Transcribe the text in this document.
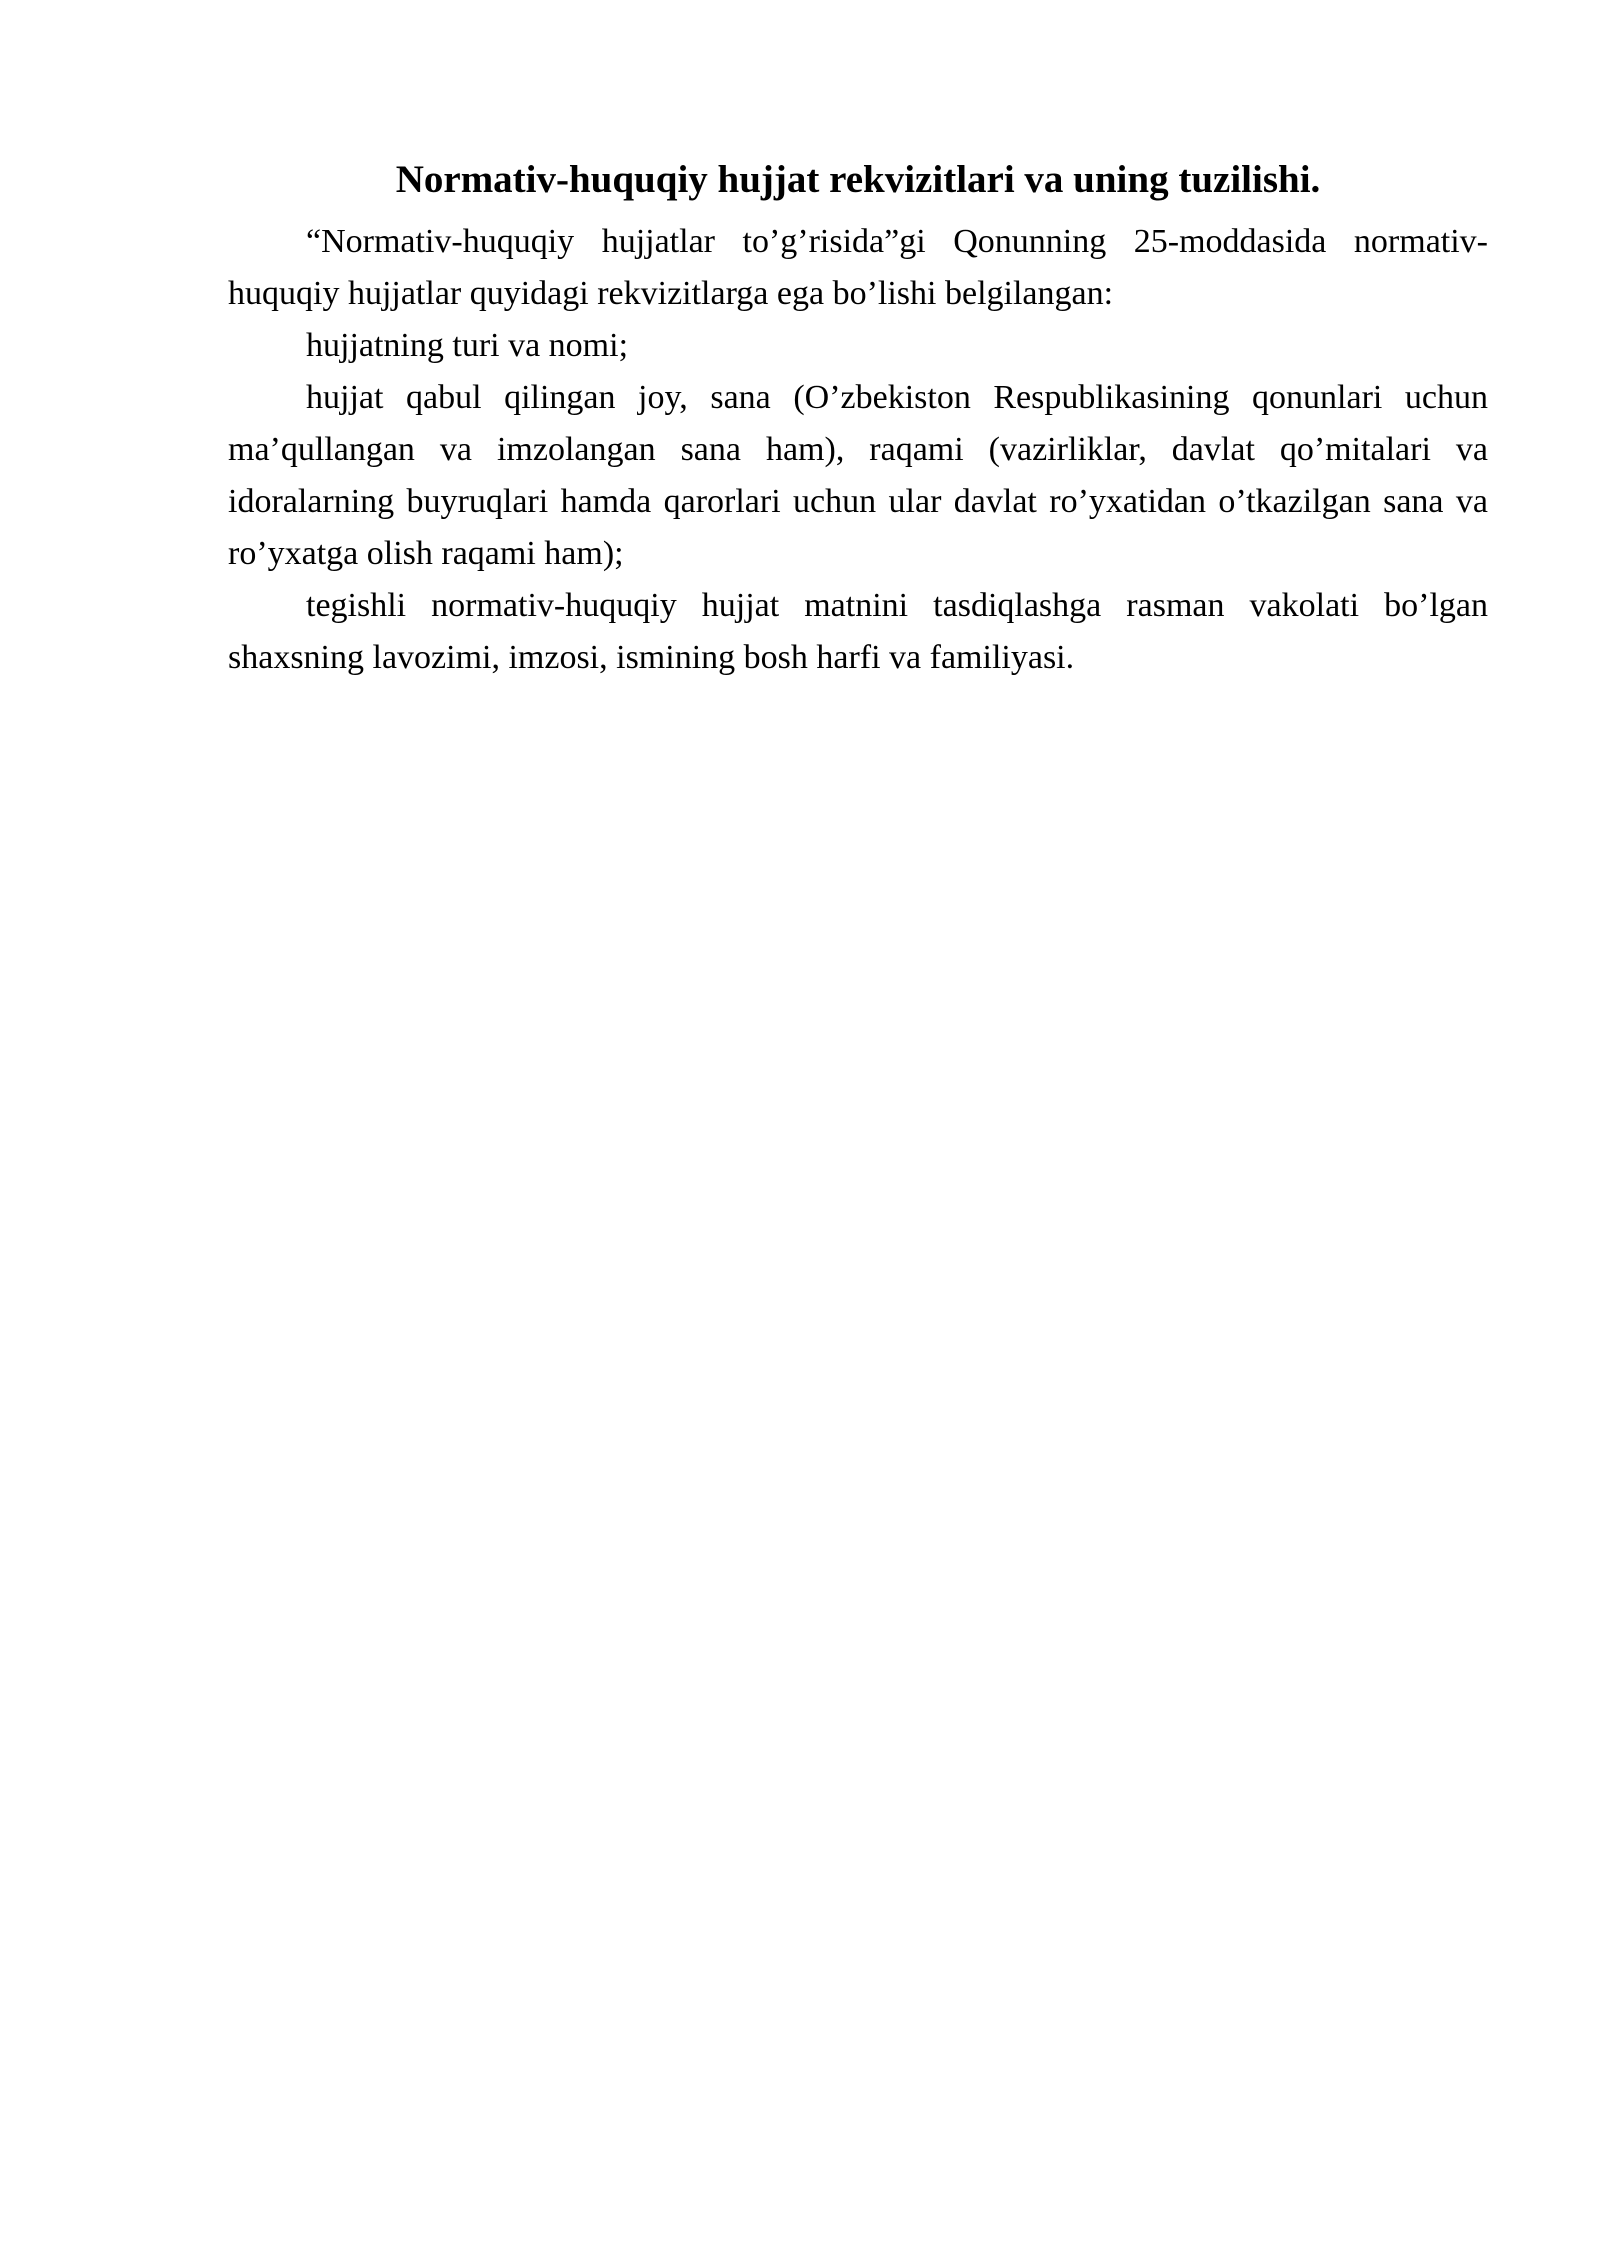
Normativ-huquqiy hujjat rekvizitlari va uning tuzilishi.

“Normativ-huquqiy hujjatlar to’g’risida”gi Qonunning 25-moddasida normativ-huquqiy hujjatlar quyidagi rekvizitlarga ega bo’lishi belgilangan:

hujjatning turi va nomi;

hujjat qabul qilingan joy, sana (O’zbekiston Respublikasining qonunlari uchun ma’qullangan va imzolangan sana ham), raqami (vazirliklar, davlat qo’mitalari va idoralarning buyruqlari hamda qarorlari uchun ular davlat ro’yxatidan o’tkazilgan sana va ro’yxatga olish raqami ham);

tegishli normativ-huquqiy hujjat matnini tasdiqlashga rasman vakolati bo’lgan shaxsning lavozimi, imzosi, ismining bosh harfi va familiyasi.
